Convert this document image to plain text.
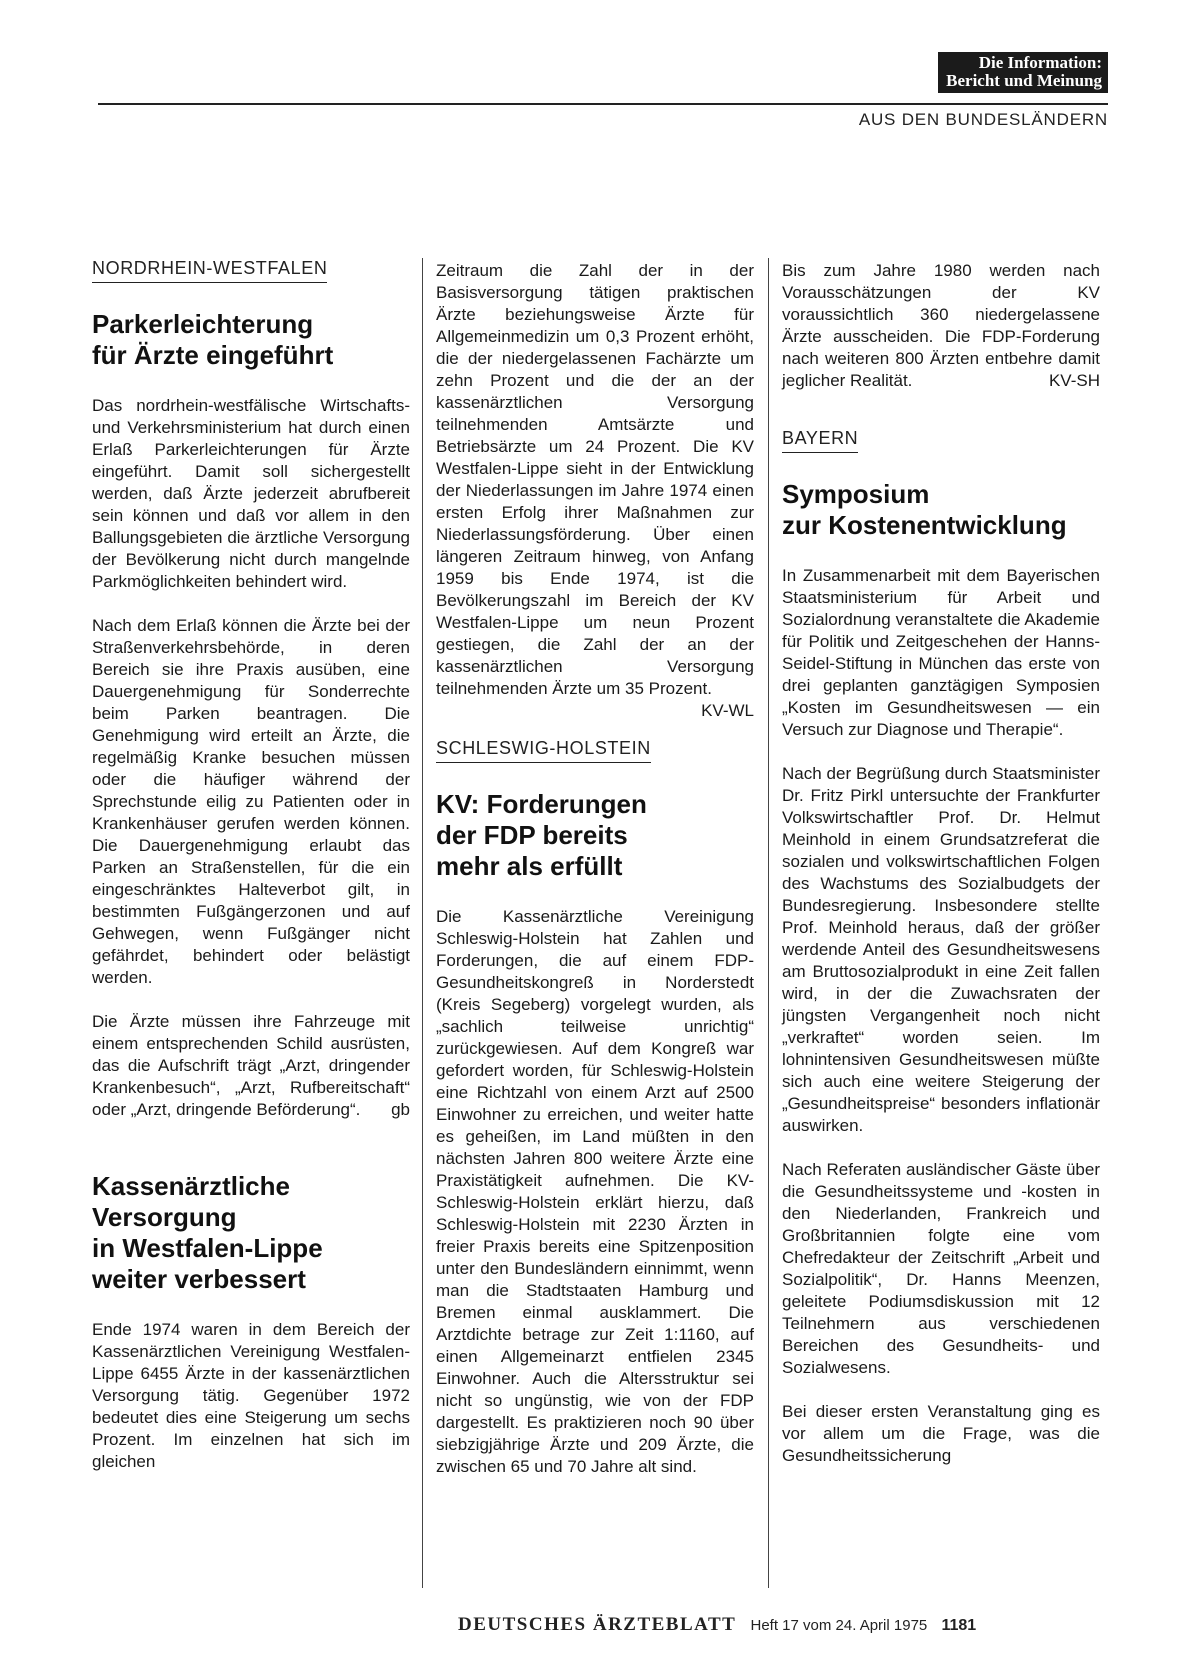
Die Information:
Bericht und Meinung
AUS DEN BUNDESLÄNDERN
NORDRHEIN-WESTFALEN
Parkerleichterung
für Ärzte eingeführt

Das nordrhein-westfälische Wirtschafts- und Verkehrsministerium hat durch einen Erlaß Parkerleichterungen für Ärzte eingeführt. Damit soll sichergestellt werden, daß Ärzte jederzeit abrufbereit sein können und daß vor allem in den Ballungsgebieten die ärztliche Versorgung der Bevölkerung nicht durch mangelnde Parkmöglichkeiten behindert wird.

Nach dem Erlaß können die Ärzte bei der Straßenverkehrsbehörde, in deren Bereich sie ihre Praxis ausüben, eine Dauergenehmigung für Sonderrechte beim Parken beantragen. Die Genehmigung wird erteilt an Ärzte, die regelmäßig Kranke besuchen müssen oder die häufiger während der Sprechstunde eilig zu Patienten oder in Krankenhäuser gerufen werden können. Die Dauergenehmigung erlaubt das Parken an Straßenstellen, für die ein eingeschränktes Halteverbot gilt, in bestimmten Fußgängerzonen und auf Gehwegen, wenn Fußgänger nicht gefährdet, behindert oder belästigt werden.

Die Ärzte müssen ihre Fahrzeuge mit einem entsprechenden Schild ausrüsten, das die Aufschrift trägt „Arzt, dringender Krankenbesuch“, „Arzt, Rufbereitschaft“ oder „Arzt, dringende Beförderung“. gb

Kassenärztliche
Versorgung
in Westfalen-Lippe
weiter verbessert

Ende 1974 waren in dem Bereich der Kassenärztlichen Vereinigung Westfalen-Lippe 6455 Ärzte in der kassenärztlichen Versorgung tätig. Gegenüber 1972 bedeutet dies eine Steigerung um sechs Prozent. Im einzelnen hat sich im gleichen

Zeitraum die Zahl der in der Basisversorgung tätigen praktischen Ärzte beziehungsweise Ärzte für Allgemeinmedizin um 0,3 Prozent erhöht, die der niedergelassenen Fachärzte um zehn Prozent und die der an der kassenärztlichen Versorgung teilnehmenden Amtsärzte und Betriebsärzte um 24 Prozent. Die KV Westfalen-Lippe sieht in der Entwicklung der Niederlassungen im Jahre 1974 einen ersten Erfolg ihrer Maßnahmen zur Niederlassungsförderung. Über einen längeren Zeitraum hinweg, von Anfang 1959 bis Ende 1974, ist die Bevölkerungszahl im Bereich der KV Westfalen-Lippe um neun Prozent gestiegen, die Zahl der an der kassenärztlichen Versorgung teilnehmenden Ärzte um 35 Prozent.
KV-WL

SCHLESWIG-HOLSTEIN
KV: Forderungen
der FDP bereits
mehr als erfüllt

Die Kassenärztliche Vereinigung Schleswig-Holstein hat Zahlen und Forderungen, die auf einem FDP-Gesundheitskongreß in Norderstedt (Kreis Segeberg) vorgelegt wurden, als „sachlich teilweise unrichtig“ zurückgewiesen. Auf dem Kongreß war gefordert worden, für Schleswig-Holstein eine Richtzahl von einem Arzt auf 2500 Einwohner zu erreichen, und weiter hatte es geheißen, im Land müßten in den nächsten Jahren 800 weitere Ärzte eine Praxistätigkeit aufnehmen. Die KV-Schleswig-Holstein erklärt hierzu, daß Schleswig-Holstein mit 2230 Ärzten in freier Praxis bereits eine Spitzenposition unter den Bundesländern einnimmt, wenn man die Stadtstaaten Hamburg und Bremen einmal ausklammert. Die Arztdichte betrage zur Zeit 1:1160, auf einen Allgemeinarzt entfielen 2345 Einwohner. Auch die Altersstruktur sei nicht so ungünstig, wie von der FDP dargestellt. Es praktizieren noch 90 über siebzigjährige Ärzte und 209 Ärzte, die zwischen 65 und 70 Jahre alt sind.

Bis zum Jahre 1980 werden nach Vorausschätzungen der KV voraussichtlich 360 niedergelassene Ärzte ausscheiden. Die FDP-Forderung nach weiteren 800 Ärzten entbehre damit jeglicher Realität.	KV-SH

BAYERN
Symposium
zur Kostenentwicklung

In Zusammenarbeit mit dem Bayerischen Staatsministerium für Arbeit und Sozialordnung veranstaltete die Akademie für Politik und Zeitgeschehen der Hanns-Seidel-Stiftung in München das erste von drei geplanten ganztägigen Symposien „Kosten im Gesundheitswesen — ein Versuch zur Diagnose und Therapie“.

Nach der Begrüßung durch Staatsminister Dr. Fritz Pirkl untersuchte der Frankfurter Volkswirtschaftler Prof. Dr. Helmut Meinhold in einem Grundsatzreferat die sozialen und volkswirtschaftlichen Folgen des Wachstums des Sozialbudgets der Bundesregierung. Insbesondere stellte Prof. Meinhold heraus, daß der größer werdende Anteil des Gesundheitswesens am Bruttosozialprodukt in eine Zeit fallen wird, in der die Zuwachsraten der jüngsten Vergangenheit noch nicht „verkraftet“ worden seien. Im lohnintensiven Gesundheitswesen müßte sich auch eine weitere Steigerung der „Gesundheitspreise“ besonders inflationär auswirken.

Nach Referaten ausländischer Gäste über die Gesundheitssysteme und -kosten in den Niederlanden, Frankreich und Großbritannien folgte eine vom Chefredakteur der Zeitschrift „Arbeit und Sozialpolitik“, Dr. Hanns Meenzen, geleitete Podiumsdiskussion mit 12 Teilnehmern aus verschiedenen Bereichen des Gesundheits- und Sozialwesens.

Bei dieser ersten Veranstaltung ging es vor allem um die Frage, was die Gesundheitssicherung

DEUTSCHES ÄRZTEBLATT Heft 17 vom 24. April 1975 1181
